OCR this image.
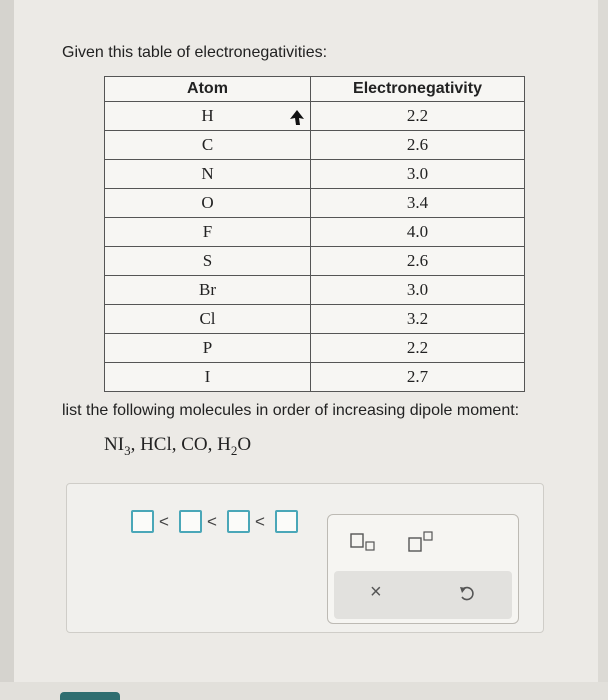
Given this table of electronegativities:
Atom	Electronegativity
H	2.2
C	2.6
N	3.0
O	3.4
F	4.0
S	2.6
Br	3.0
Cl	3.2
P	2.2
I	2.7
list the following molecules in order of increasing dipole moment:
$NI_3$, HCl, CO, $H_2O$
< < <
×
